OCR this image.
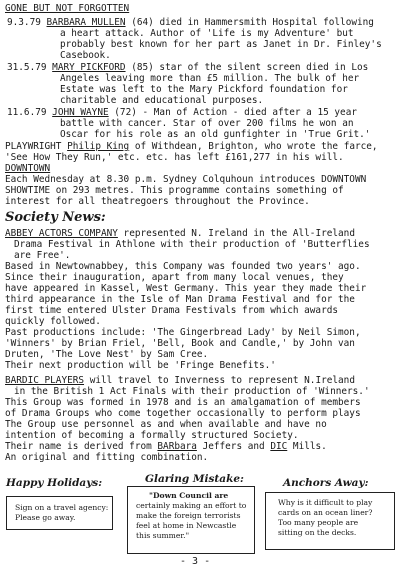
GONE BUT NOT FORGOTTEN
9.3.79 BARBARA MULLEN (64) died in Hammersmith Hospital following
a heart attack. Author of 'Life is my Adventure' but
probably best known for her part as Janet in Dr. Finley's
Casebook.
31.5.79 MARY PICKFORD (85) star of the silent screen died in Los
Angeles leaving more than £5 million. The bulk of her
Estate was left to the Mary Pickford foundation for
charitable and educational purposes.
11.6.79 JOHN WAYNE (72) - Man of Action - died after a 15 year
battle with cancer. Star of over 200 films he won an
Oscar for his role as an old gunfighter in 'True Grit.'
PLAYWRIGHT Philip King of Withdean, Brighton, who wrote the farce,
'See How They Run,' etc. etc. has left £161,277 in his will.
DOWNTOWN
Each Wednesday at 8.30 p.m. Sydney Colquhoun introduces DOWNTOWN
SHOWTIME on 293 metres. This programme contains something of
interest for all theatregoers throughout the Province.
Society News:
ABBEY ACTORS COMPANY represented N. Ireland in the All-Ireland
Drama Festival in Athlone with their production of 'Butterflies
are Free'.
Based in Newtownabbey, this Company was founded two years' ago.
Since their inauguration, apart from many local venues, they
have appeared in Kassel, West Germany. This year they made their
third appearance in the Isle of Man Drama Festival and for the
first time entered Ulster Drama Festivals from which awards
quickly followed.
Past productions include: 'The Gingerbread Lady' by Neil Simon,
'Winners' by Brian Friel, 'Bell, Book and Candle,' by John van
Druten, 'The Love Nest' by Sam Cree.
Their next production will be 'Fringe Benefits.'
BARDIC PLAYERS will travel to Inverness to represent N.Ireland
in the British 1 Act Finals with their production of 'Winners.'
This Group was formed in 1978 and is an amalgamation of members
of Drama Groups who come together occasionally to perform plays
The Group use personnel as and when available and have no
intention of becoming a formally structured Society.
Their name is derived from BARbara Jeffers and DIC Mills.
An original and fitting combination.
Happy Holidays:
Sign on a travel agency:
Please go away.
Glaring Mistake:
"Down Council are
certainly making an effort to
make the foreign terrorists
feel at home in Newcastle
this summer."
Anchors Away:
Why is it difficult to play
cards on an ocean liner?
Too many people are
sitting on the decks.
- 3 -
